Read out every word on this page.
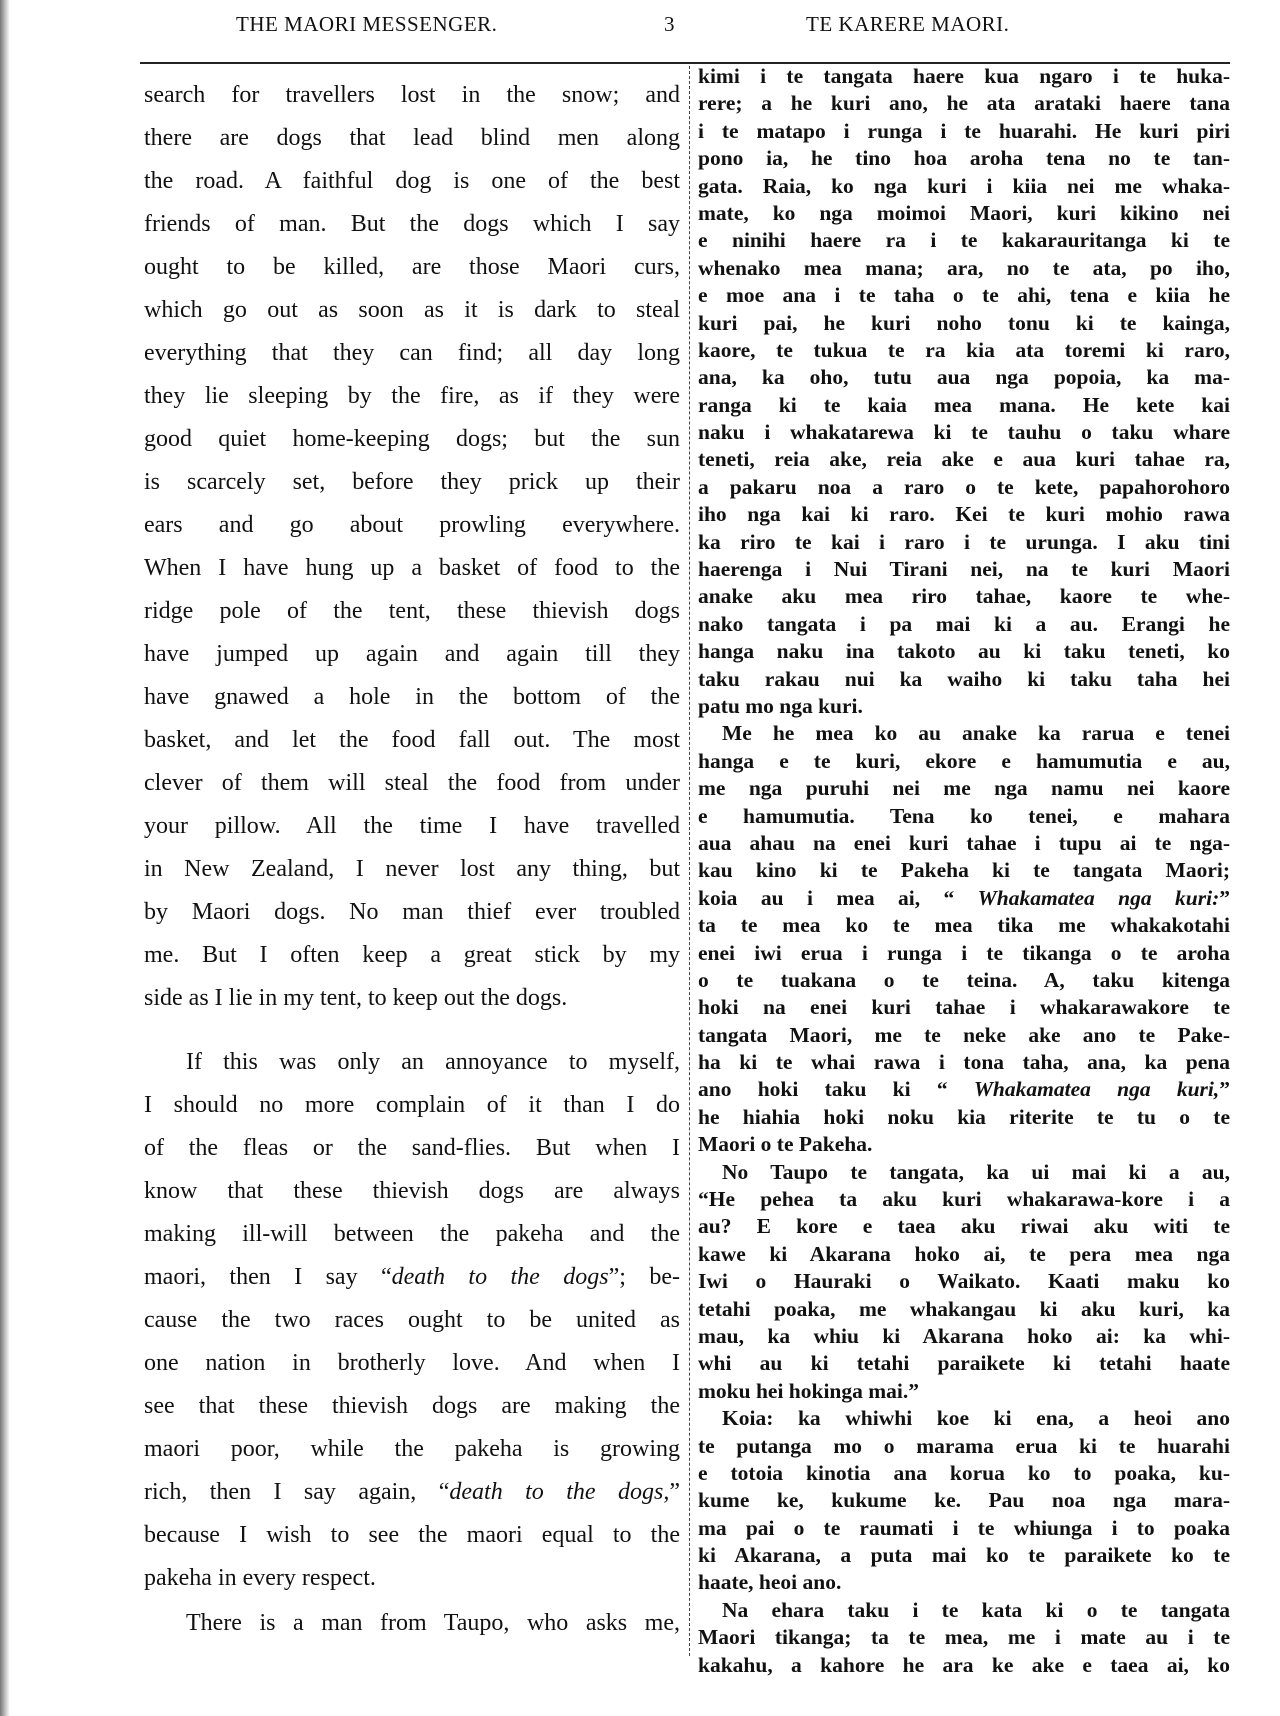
THE MAORI MESSENGER.	3	TE KARERE MAORI.
search for travellers lost in the snow; and
there are dogs that lead blind men along
the road. A faithful dog is one of the best
friends of man. But the dogs which I say
ought to be killed, are those Maori curs,
which go out as soon as it is dark to steal
everything that they can find; all day long
they lie sleeping by the fire, as if they were
good quiet home-keeping dogs; but the sun
is scarcely set, before they prick up their
ears and go about prowling everywhere.
When I have hung up a basket of food to the
ridge pole of the tent, these thievish dogs
have jumped up again and again till they
have gnawed a hole in the bottom of the
basket, and let the food fall out. The most
clever of them will steal the food from under
your pillow. All the time I have travelled
in New Zealand, I never lost any thing, but
by Maori dogs. No man thief ever troubled
me. But I often keep a great stick by my
side as I lie in my tent, to keep out the dogs.
If this was only an annoyance to myself,
I should no more complain of it than I do
of the fleas or the sand-flies. But when I
know that these thievish dogs are always
making ill-will between the pakeha and the
maori, then I say “death to the dogs”; be-
cause the two races ought to be united as
one nation in brotherly love. And when I
see that these thievish dogs are making the
maori poor, while the pakeha is growing
rich, then I say again, “death to the dogs,”
because I wish to see the maori equal to the
pakeha in every respect.
There is a man from Taupo, who asks me,
kimi i te tangata haere kua ngaro i te huka-
rere; a he kuri ano, he ata arataki haere tana
i te matapo i runga i te huarahi. He kuri piri
pono ia, he tino hoa aroha tena no te tan-
gata. Raia, ko nga kuri i kiia nei me whaka-
mate, ko nga moimoi Maori, kuri kikino nei
e ninihi haere ra i te kakarauritanga ki te
whenako mea mana; ara, no te ata, po iho,
e moe ana i te taha o te ahi, tena e kiia he
kuri pai, he kuri noho tonu ki te kainga,
kaore, te tukua te ra kia ata toremi ki raro,
ana, ka oho, tutu aua nga popoia, ka ma-
ranga ki te kaia mea mana. He kete kai
naku i whakatarewa ki te tauhu o taku whare
teneti, reia ake, reia ake e aua kuri tahae ra,
a pakaru noa a raro o te kete, papahorohoro
iho nga kai ki raro. Kei te kuri mohio rawa
ka riro te kai i raro i te urunga. I aku tini
haerenga i Nui Tirani nei, na te kuri Maori
anake aku mea riro tahae, kaore te whe-
nako tangata i pa mai ki a au. Erangi he
hanga naku ina takoto au ki taku teneti, ko
taku rakau nui ka waiho ki taku taha hei
patu mo nga kuri.
Me he mea ko au anake ka rarua e tenei
hanga e te kuri, ekore e hamumutia e au,
me nga puruhi nei me nga namu nei kaore
e hamumutia. Tena ko tenei, e mahara
aua ahau na enei kuri tahae i tupu ai te nga-
kau kino ki te Pakeha ki te tangata Maori;
koia au i mea ai, “ Whakamatea nga kuri:”
ta te mea ko te mea tika me whakakotahi
enei iwi erua i runga i te tikanga o te aroha
o te tuakana o te teina. A, taku kitenga
hoki na enei kuri tahae i whakarawakore te
tangata Maori, me te neke ake ano te Pake-
ha ki te whai rawa i tona taha, ana, ka pena
ano hoki taku ki “ Whakamatea nga kuri,”
he hiahia hoki noku kia riterite te tu o te
Maori o te Pakeha.
No Taupo te tangata, ka ui mai ki a au,
“He pehea ta aku kuri whakarawa-kore i a
au? E kore e taea aku riwai aku witi te
kawe ki Akarana hoko ai, te pera mea nga
Iwi o Hauraki o Waikato. Kaati maku ko
tetahi poaka, me whakangau ki aku kuri, ka
mau, ka whiu ki Akarana hoko ai: ka whi-
whi au ki tetahi paraikete ki tetahi haate
moku hei hokinga mai.”
Koia: ka whiwhi koe ki ena, a heoi ano
te putanga mo o marama erua ki te huarahi
e totoia kinotia ana korua ko to poaka, ku-
kume ke, kukume ke. Pau noa nga mara-
ma pai o te raumati i te whiunga i to poaka
ki Akarana, a puta mai ko te paraikete ko te
haate, heoi ano.
Na ehara taku i te kata ki o te tangata
Maori tikanga; ta te mea, me i mate au i te
kakahu, a kahore he ara ke ake e taea ai, ko
